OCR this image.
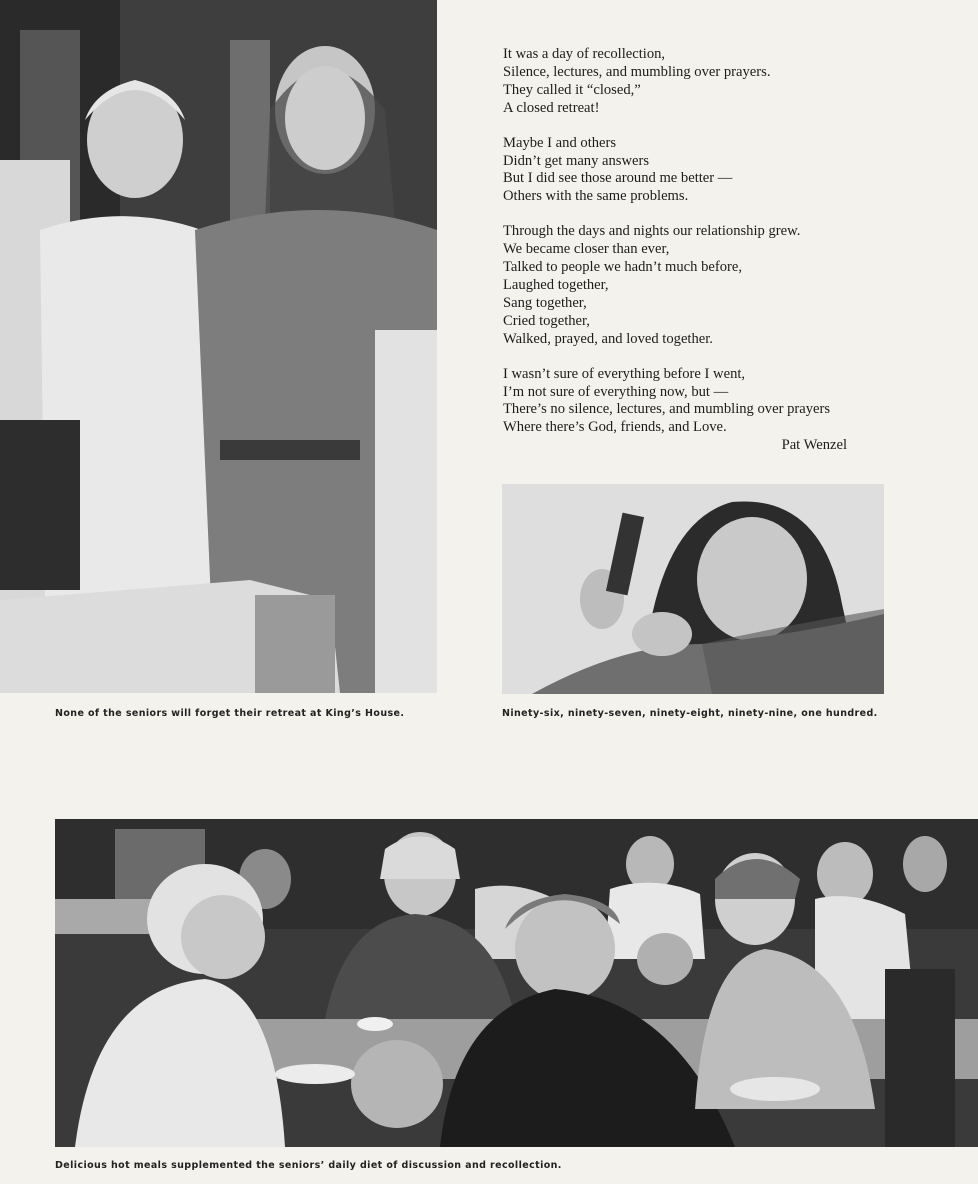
None of the seniors will forget their retreat at King’s House.

It was a day of recollection,
Silence, lectures, and mumbling over prayers.
They called it “closed,”
A closed retreat!
Maybe I and others
Didn’t get many answers
But I did see those around me better —
Others with the same problems.
Through the days and nights our relationship grew.
We became closer than ever,
Talked to people we hadn’t much before,
Laughed together,
Sang together,
Cried together,
Walked, prayed, and loved together.
I wasn’t sure of everything before I went,
I’m not sure of everything now, but —
There’s no silence, lectures, and mumbling over prayers
Where there’s God, friends, and Love.
Pat Wenzel

Ninety-six, ninety-seven, ninety-eight, ninety-nine, one hundred.

Delicious hot meals supplemented the seniors’ daily diet of discussion and recollection.
